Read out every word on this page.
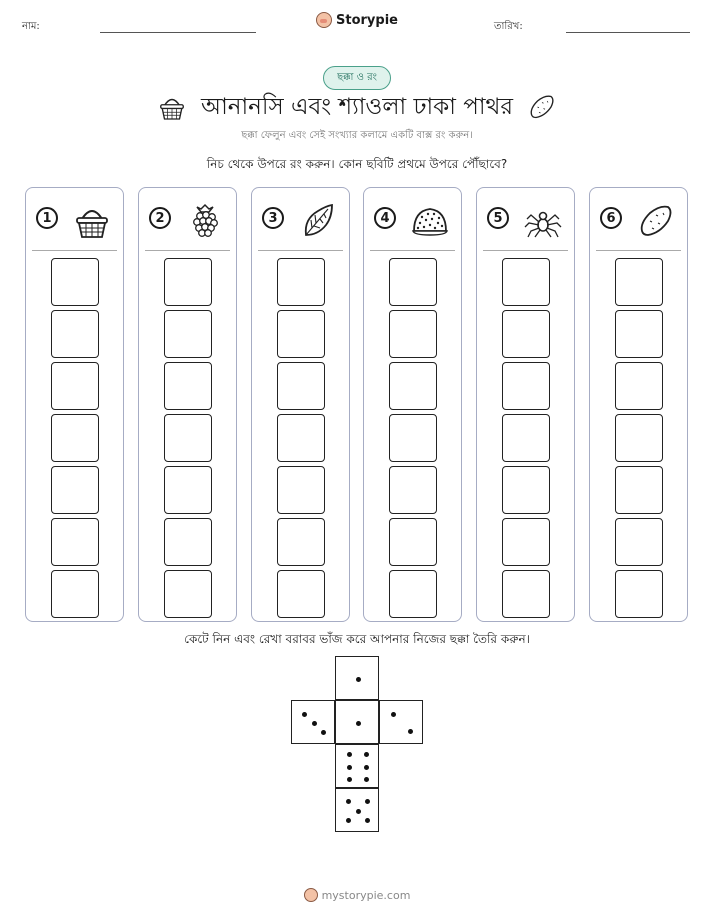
নাম:	Storypie	তারিখ:
ছক্কা ও রং
আনানসি এবং শ্যাওলা ঢাকা পাথর
ছক্কা ফেলুন এবং সেই সংখ্যার কলামে একটি বাক্স রং করুন।
নিচ থেকে উপরে রং করুন। কোন ছবিটি প্রথমে উপরে পৌঁছাবে?
1	2	3	4	5	6
কেটে নিন এবং রেখা বরাবর ভাঁজ করে আপনার নিজের ছক্কা তৈরি করুন।
mystorypie.com
